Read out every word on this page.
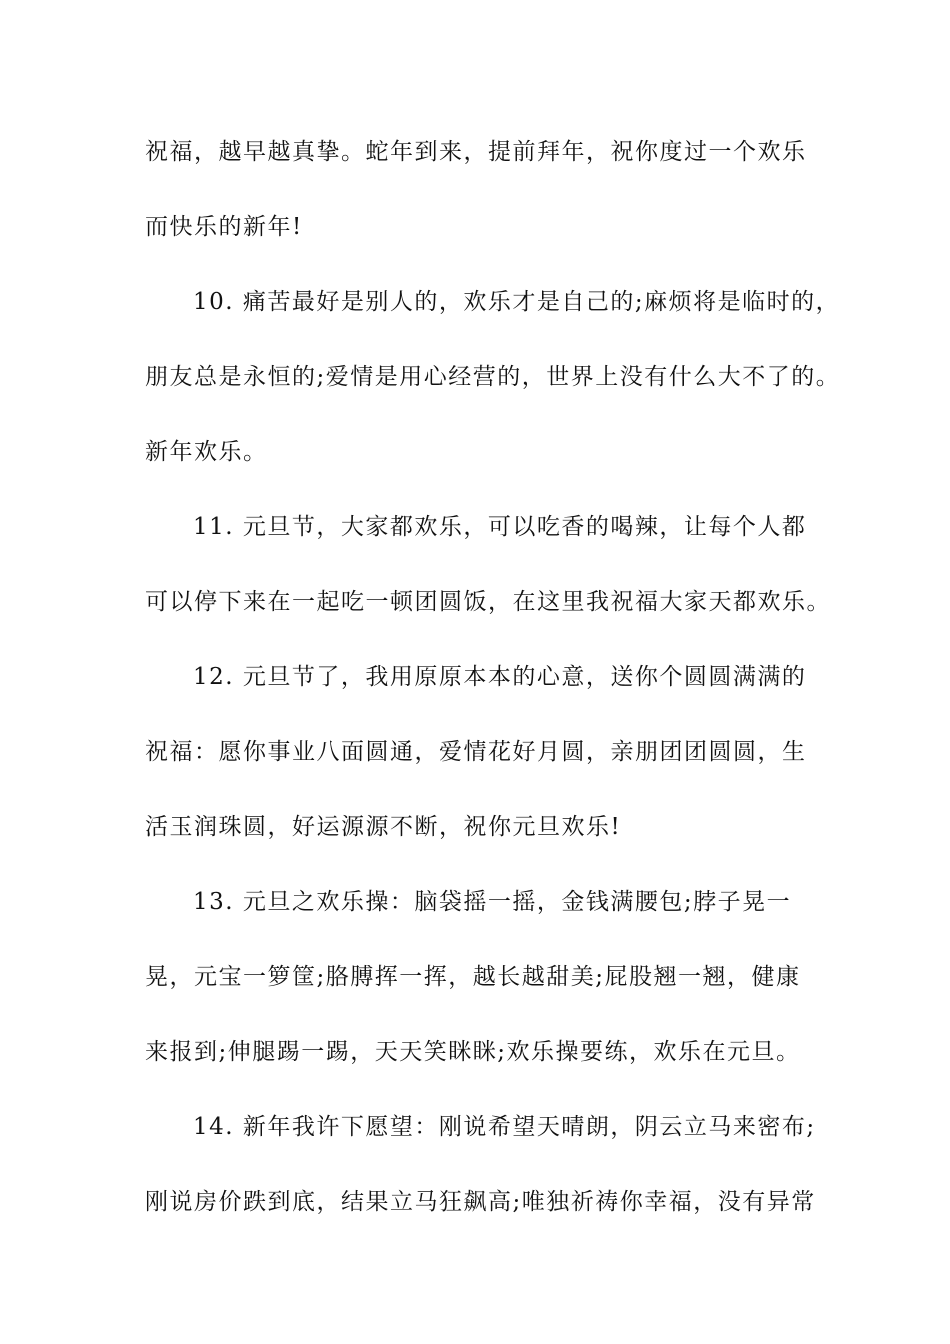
祝福，越早越真挚。蛇年到来，提前拜年，祝你度过一个欢乐
而快乐的新年!
10. 痛苦最好是别人的，欢乐才是自己的;麻烦将是临时的，
朋友总是永恒的;爱情是用心经营的，世界上没有什么大不了的。
新年欢乐。
11. 元旦节，大家都欢乐，可以吃香的喝辣，让每个人都
可以停下来在一起吃一顿团圆饭，在这里我祝福大家天都欢乐。
12. 元旦节了，我用原原本本的心意，送你个圆圆满满的
祝福：愿你事业八面圆通，爱情花好月圆，亲朋团团圆圆，生
活玉润珠圆，好运源源不断，祝你元旦欢乐!
13. 元旦之欢乐操：脑袋摇一摇，金钱满腰包;脖子晃一
晃，元宝一箩筐;胳膊挥一挥，越长越甜美;屁股翘一翘，健康
来报到;伸腿踢一踢，天天笑眯眯;欢乐操要练，欢乐在元旦。
14. 新年我许下愿望：刚说希望天晴朗，阴云立马来密布;
刚说房价跌到底，结果立马狂飙高;唯独祈祷你幸福，没有异常
